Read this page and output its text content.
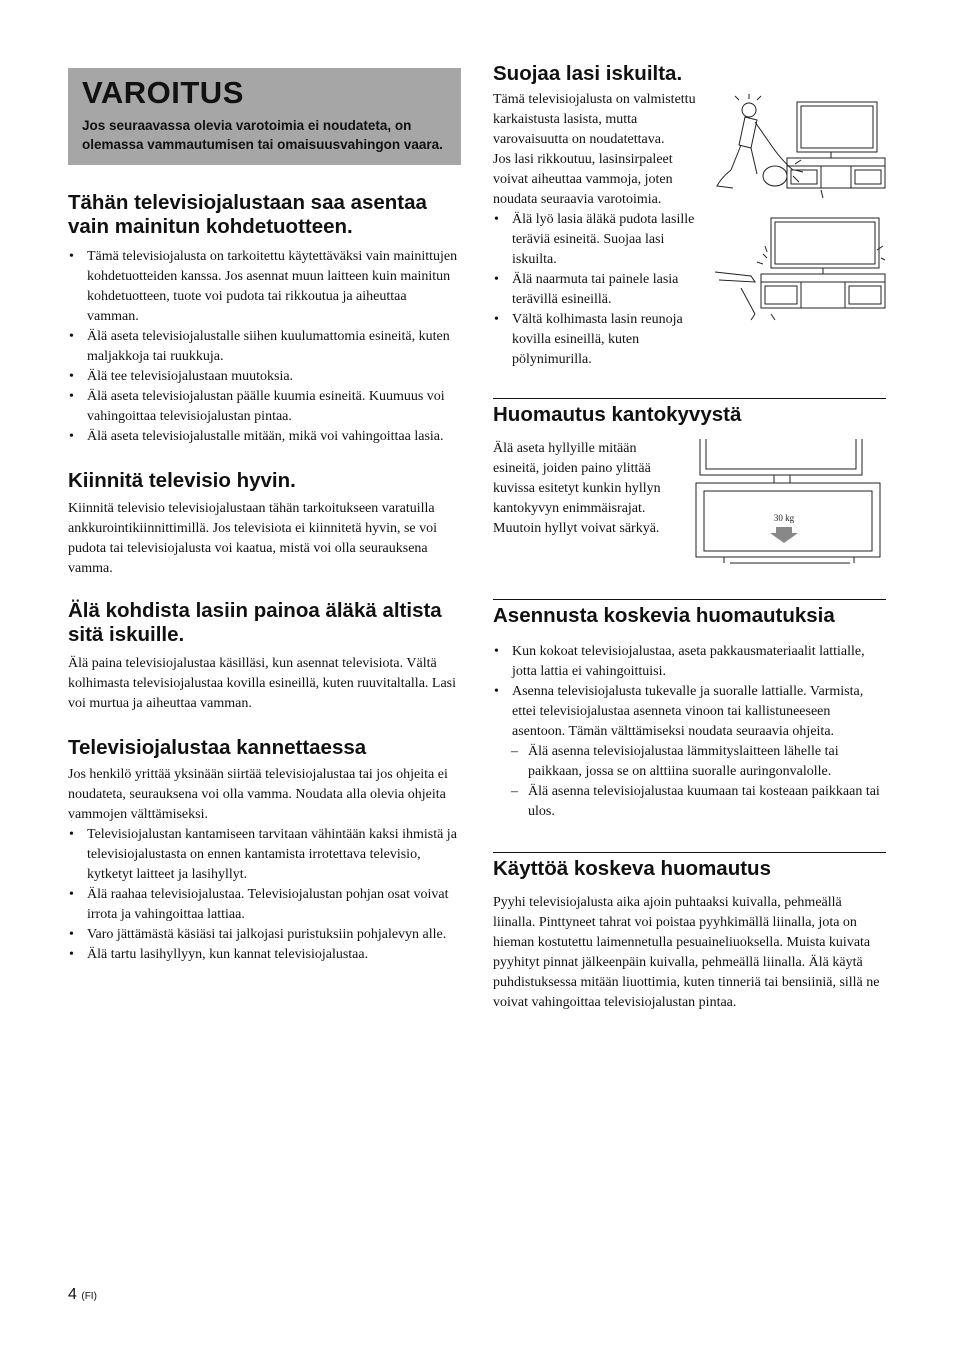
VAROITUS
Jos seuraavassa olevia varotoimia ei noudateta, on olemassa vammautumisen tai omaisuusvahingon vaara.
Tähän televisiojalustaan saa asentaa vain mainitun kohdetuotteen.
• Tämä televisiojalusta on tarkoitettu käytettäväksi vain mainittujen kohdetuotteiden kanssa. Jos asennat muun laitteen kuin mainitun kohdetuotteen, tuote voi pudota tai rikkoutua ja aiheuttaa vamman.
• Älä aseta televisiojalustalle siihen kuulumattomia esineitä, kuten maljakkoja tai ruukkuja.
• Älä tee televisiojalustaan muutoksia.
• Älä aseta televisiojalustan päälle kuumia esineitä. Kuumuus voi vahingoittaa televisiojalustan pintaa.
• Älä aseta televisiojalustalle mitään, mikä voi vahingoittaa lasia.
Kiinnitä televisio hyvin.

Kiinnitä televisio televisiojalustaan tähän tarkoitukseen varatuilla ankkurointikiinnittimillä. Jos televisiota ei kiinnitetä hyvin, se voi pudota tai televisiojalusta voi kaatua, mistä voi olla seurauksena vamma.

Älä kohdista lasiin painoa äläkä altista sitä iskuille.

Älä paina televisiojalustaa käsilläsi, kun asennat televisiota. Vältä kolhimasta televisiojalustaa kovilla esineillä, kuten ruuvitaltalla. Lasi voi murtua ja aiheuttaa vamman.

Televisiojalustaa kannettaessa

Jos henkilö yrittää yksinään siirtää televisiojalustaa tai jos ohjeita ei noudateta, seurauksena voi olla vamma. Noudata alla olevia ohjeita vammojen välttämiseksi.

• Televisiojalustan kantamiseen tarvitaan vähintään kaksi ihmistä ja televisiojalustasta on ennen kantamista irrotettava televisio, kytketyt laitteet ja lasihyllyt.
• Älä raahaa televisiojalustaa. Televisiojalustan pohjan osat voivat irrota ja vahingoittaa lattiaa.
• Varo jättämästä käsiäsi tai jalkojasi puristuksiin pohjalevyn alle.
• Älä tartu lasihyllyyn, kun kannat televisiojalustaa.
Suojaa lasi iskuilta.

Tämä televisiojalusta on valmistettu karkaistusta lasista, mutta varovaisuutta on noudatettava.

Jos lasi rikkoutuu, lasinsirpaleet voivat aiheuttaa vammoja, joten noudata seuraavia varotoimia.

• Älä lyö lasia äläkä pudota lasille teräviä esineitä. Suojaa lasi iskuilta.
• Älä naarmuta tai painele lasia terävillä esineillä.
• Vältä kolhimasta lasin reunoja kovilla esineillä, kuten pölynimurilla.
Huomautus kantokyvystä

Älä aseta hyllyille mitään esineitä, joiden paino ylittää kuvissa esitetyt kunkin hyllyn kantokyvyn enimmäisrajat. Muutoin hyllyt voivat särkyä.

30 kg
Asennusta koskevia huomautuksia
• Kun kokoat televisiojalustaa, aseta pakkausmateriaalit lattialle, jotta lattia ei vahingoittuisi.
• Asenna televisiojalusta tukevalle ja suoralle lattialle. Varmista, ettei televisiojalustaa asenneta vinoon tai kallistuneeseen asentoon. Tämän välttämiseksi noudata seuraavia ohjeita.
– Älä asenna televisiojalustaa lämmityslaitteen lähelle tai paikkaan, jossa se on alttiina suoralle auringonvalolle.
– Älä asenna televisiojalustaa kuumaan tai kosteaan paikkaan tai ulos.
Käyttöä koskeva huomautus

Pyyhi televisiojalusta aika ajoin puhtaaksi kuivalla, pehmeällä liinalla. Pinttyneet tahrat voi poistaa pyyhkimällä liinalla, jota on hieman kostutettu laimennetulla pesuaineliuoksella. Muista kuivata pyyhityt pinnat jälkeenpäin kuivalla, pehmeällä liinalla. Älä käytä puhdistuksessa mitään liuottimia, kuten tinneriä tai bensiiniä, sillä ne voivat vahingoittaa televisiojalustan pintaa.

4 (FI)
